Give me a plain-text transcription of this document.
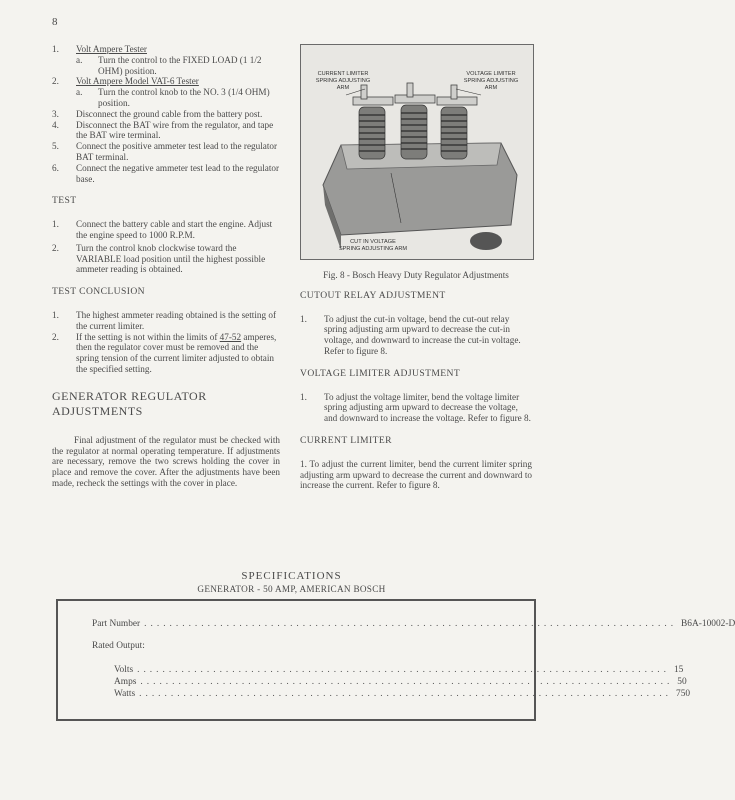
8
1. Volt Ampere Tester
a. Turn the control to the FIXED LOAD (1 1/2 OHM) position.
2. Volt Ampere Model VAT-6 Tester
a. Turn the control knob to the NO. 3 (1/4 OHM) position.
3. Disconnect the ground cable from the battery post.
4. Disconnect the BAT wire from the regulator, and tape the BAT wire terminal.
5. Connect the positive ammeter test lead to the regulator BAT terminal.
6. Connect the negative ammeter test lead to the regulator base.
TEST
1. Connect the battery cable and start the engine. Adjust the engine speed to 1000 R.P.M.
2. Turn the control knob clockwise toward the VARIABLE load position until the highest possible ammeter reading is obtained.
TEST CONCLUSION
1. The highest ammeter reading obtained is the setting of the current limiter.
2. If the setting is not within the limits of 47-52 amperes, then the regulator cover must be removed and the spring tension of the current limiter adjusted to obtain the specified setting.
GENERATOR REGULATOR ADJUSTMENTS

Final adjustment of the regulator must be checked with the regulator at normal operating temperature. If adjustments are necessary, remove the two screws holding the cover in place and remove the cover. After the adjustments have been made, recheck the settings with the cover in place.

CURRENT LIMITER
SPRING ADJUSTING
ARM
VOLTAGE LIMITER
SPRING ADJUSTING
ARM
CUT IN VOLTAGE
SPRING ADJUSTING ARM
Fig. 8 - Bosch Heavy Duty Regulator Adjustments
CUTOUT RELAY ADJUSTMENT
1. To adjust the cut-in voltage, bend the cut-out relay spring adjusting arm upward to decrease the cut-in voltage, and downward to increase the cut-in voltage. Refer to figure 8.
VOLTAGE LIMITER ADJUSTMENT
1. To adjust the voltage limiter, bend the voltage limiter spring adjusting arm upward to decrease the voltage, and downward to increase the voltage. Refer to figure 8.
CURRENT LIMITER

1. To adjust the current limiter, bend the current limiter spring adjusting arm upward to decrease the current and downward to increase the current. Refer to figure 8.

SPECIFICATIONS
GENERATOR - 50 AMP, AMERICAN BOSCH
Part Number .................................................................................... B6A-10002-D
Rated Output:
Volts .................................................................................... 15
Amps .................................................................................... 50
Watts .................................................................................... 750
